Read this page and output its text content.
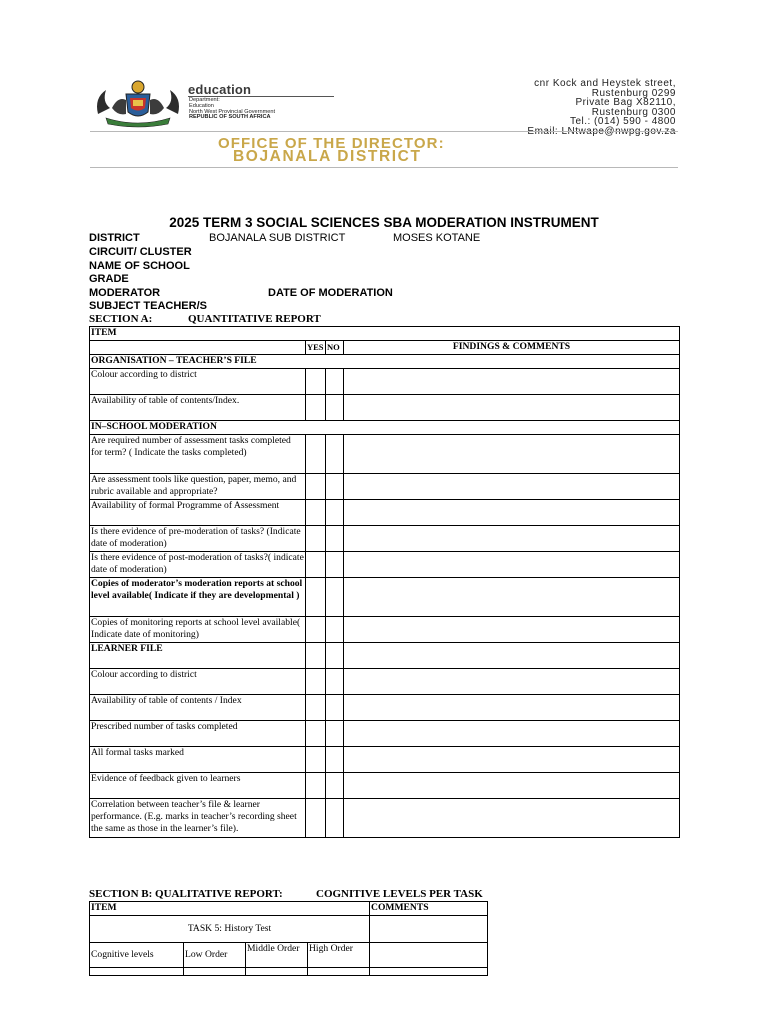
education
Department:
Education
North West Provincial Government
REPUBLIC OF SOUTH AFRICA
cnr Kock and Heystek street,
Rustenburg 0299
Private Bag X82110,
Rustenburg 0300
Tel.: (014) 590 - 4800
Email: LNtwape@nwpg.gov.za
OFFICE OF THE DIRECTOR:
BOJANALA DISTRICT
2025 TERM 3 SOCIAL SCIENCES SBA MODERATION INSTRUMENT
DISTRICT	BOJANALA SUB DISTRICT	MOSES KOTANE
CIRCUIT/ CLUSTER
NAME OF SCHOOL
GRADE
MODERATOR	DATE OF MODERATION
SUBJECT TEACHER/S
SECTION A:	QUANTITATIVE REPORT
ITEM			
	YES	NO	FINDINGS & COMMENTS
ORGANISATION – TEACHER’S FILE			
Colour according to district			
Availability of table of contents/Index.			
IN–SCHOOL MODERATION			
Are required number of assessment tasks completed for term? ( Indicate the tasks completed)			
Are assessment tools like question, paper, memo, and rubric available and appropriate?			
Availability of formal Programme of Assessment			
Is there evidence of pre-moderation of tasks? (Indicate date of moderation)			
Is there evidence of post-moderation of tasks?( indicate date of moderation)			
Copies of moderator’s moderation reports at school level available( Indicate if they are developmental )			
Copies of monitoring reports at school level available( Indicate date of monitoring)			
LEARNER FILE			
Colour according to district			
Availability of table of contents / Index			
Prescribed number of tasks completed			
All formal tasks marked			
Evidence of feedback given to learners			
Correlation between teacher’s file & learner performance. (E.g. marks in teacher’s recording sheet the same as those in the learner’s file).			
SECTION B: QUALITATIVE REPORT:	COGNITIVE LEVELS PER TASK
ITEM				COMMENTS
TASK 5: History Test				
Cognitive levels	Low Order	Middle Order	High Order	
